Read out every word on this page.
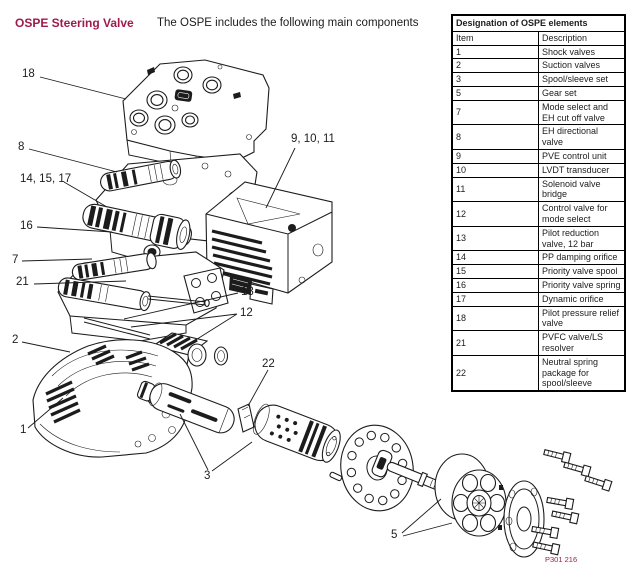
OSPE Steering Valve The OSPE includes the following main components	Designation of OSPE elements	
Item	Description
1	Shock valves
2	Suction valves
3	Spool/sleeve set
5	Gear set
7	Mode select and EH cut off valve
8	EH directional valve
9	PVE control unit
10	LVDT transducer
11	Solenoid valve bridge
12	Control valve for mode select
13	Pilot reduction valve, 12 bar
14	PP damping orifice
15	Priority valve spool
16	Priority valve spring
17	Dynamic orifice
18	Pilot pressure relief valve
21	PVFC valve/LS resolver
22	Neutral spring package for spool/sleeve
18
8
14, 15, 17
16
7
21
2
1
9, 10, 11
13
12
22
3
5
P301 216
